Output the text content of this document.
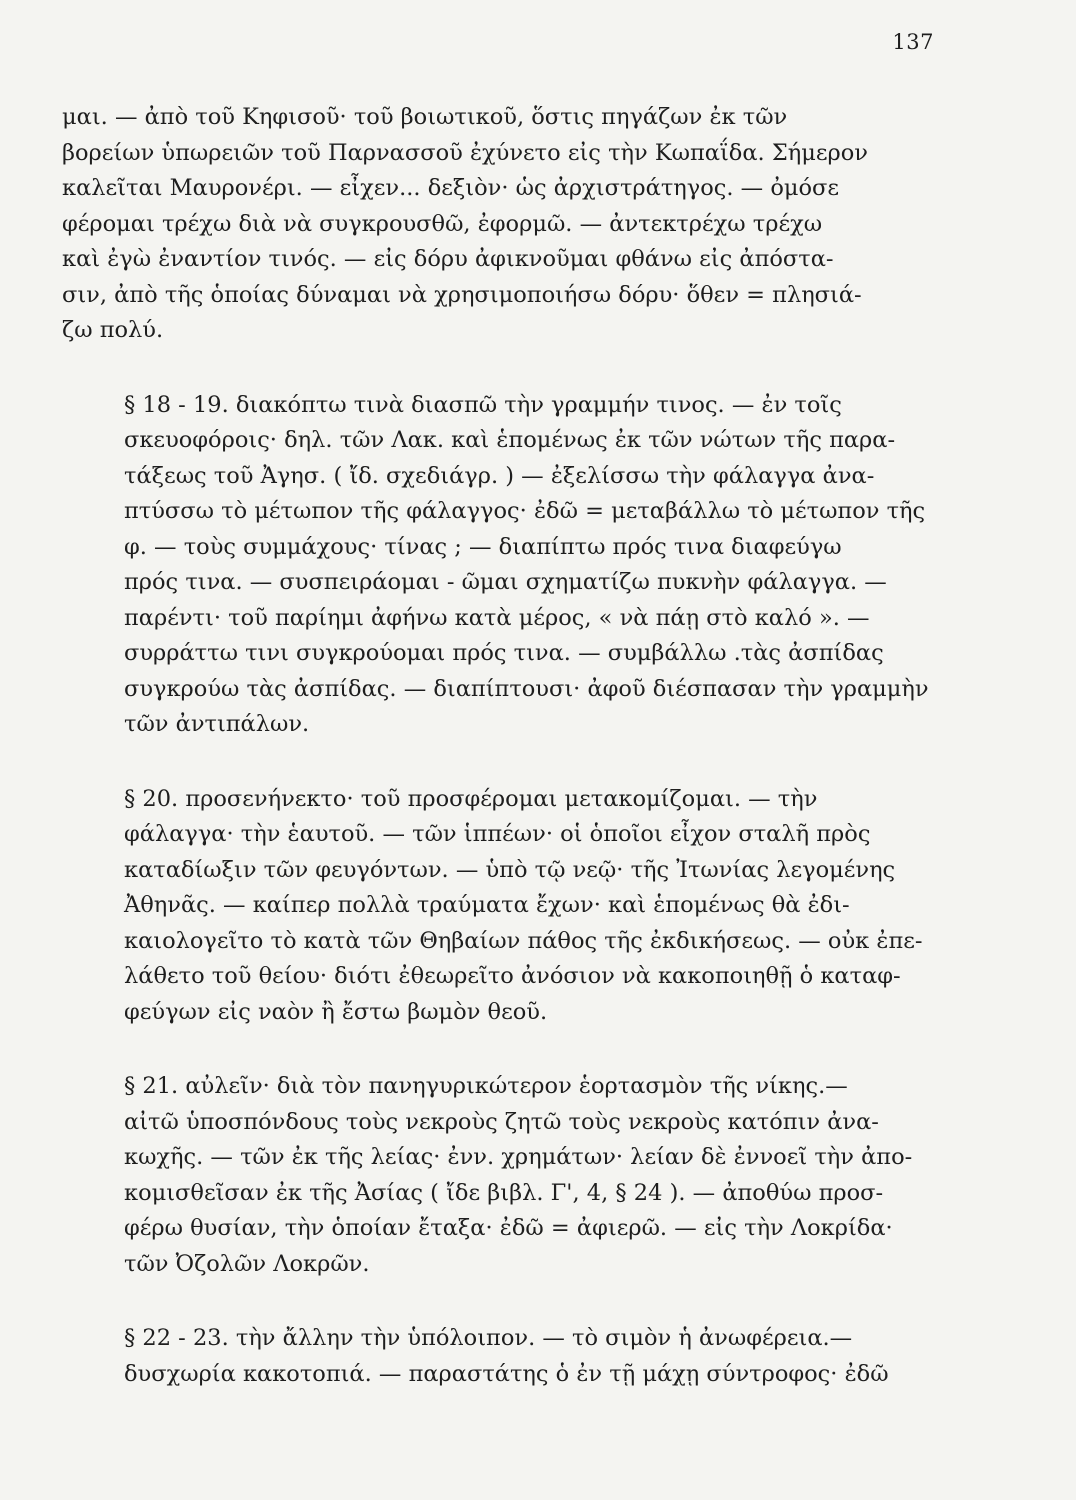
137

μαι. — ἀπὸ τοῦ Κηφισοῦ· τοῦ βοιωτικοῦ, ὅστις πηγάζων ἐκ τῶν
βορείων ὑπωρειῶν τοῦ Παρνασσοῦ ἐχύνετο εἰς τὴν Κωπαΐδα. Σήμερον
καλεῖται Μαυρονέρι. — εἶχεν... δεξιὸν· ὡς ἀρχιστράτηγος. — ὀμόσε
φέρομαι τρέχω διὰ νὰ συγκρουσθῶ, ἐφορμῶ. — ἀντεκτρέχω τρέχω
καὶ ἐγὼ ἐναντίον τινός. — εἰς δόρυ ἀφικνοῦμαι φθάνω εἰς ἀπόστα-
σιν, ἀπὸ τῆς ὁποίας δύναμαι νὰ χρησιμοποιήσω δόρυ· ὅθεν = πλησιά-
ζω πολύ.

§ 18 - 19. διακόπτω τινὰ διασπῶ τὴν γραμμήν τινος. — ἐν τοῖς
σκευοφόροις· δηλ. τῶν Λακ. καὶ ἑπομένως ἐκ τῶν νώτων τῆς παρα-
τάξεως τοῦ Ἀγησ. ( ἴδ. σχεδιάγρ. ) — ἐξελίσσω τὴν φάλαγγα ἀνα-
πτύσσω τὸ μέτωπον τῆς φάλαγγος· ἐδῶ = μεταβάλλω τὸ μέτωπον τῆς
φ. — τοὺς συμμάχους· τίνας ; — διαπίπτω πρός τινα διαφεύγω
πρός τινα. — συσπειράομαι - ῶμαι σχηματίζω πυκνὴν φάλαγγα. —
παρέντι· τοῦ παρίημι ἀφήνω κατὰ μέρος, « νὰ πάῃ στὸ καλό ». —
συρράττω τινι συγκρούομαι πρός τινα. — συμβάλλω .τὰς ἀσπίδας
συγκρούω τὰς ἀσπίδας. — διαπίπτουσι· ἀφοῦ διέσπασαν τὴν γραμμὴν
τῶν ἀντιπάλων.

§ 20. προσενήνεκτο· τοῦ προσφέρομαι μετακομίζομαι. — τὴν
φάλαγγα· τὴν ἑαυτοῦ. — τῶν ἱππέων· οἱ ὁποῖοι εἶχον σταλῆ πρὸς
καταδίωξιν τῶν φευγόντων. — ὑπὸ τῷ νεῷ· τῆς Ἰτωνίας λεγομένης
Ἀθηνᾶς. — καίπερ πολλὰ τραύματα ἔχων· καὶ ἑπομένως θὰ ἐδι-
καιολογεῖτο τὸ κατὰ τῶν Θηβαίων πάθος τῆς ἐκδικήσεως. — οὐκ ἐπε-
λάθετο τοῦ θείου· διότι ἐθεωρεῖτο ἀνόσιον νὰ κακοποιηθῇ ὁ καταφ-
φεύγων εἰς ναὸν ἢ ἔστω βωμὸν θεοῦ.

§ 21. αὐλεῖν· διὰ τὸν πανηγυρικώτερον ἑορτασμὸν τῆς νίκης.—
αἰτῶ ὑποσπόνδους τοὺς νεκροὺς ζητῶ τοὺς νεκροὺς κατόπιν ἀνα-
κωχῆς. — τῶν ἐκ τῆς λείας· ἐνν. χρημάτων· λείαν δὲ ἐννοεῖ τὴν ἀπο-
κομισθεῖσαν ἐκ τῆς Ἀσίας ( ἴδε βιβλ. Γ', 4, § 24 ). — ἀποθύω προσ-
φέρω θυσίαν, τὴν ὁποίαν ἔταξα· ἐδῶ = ἀφιερῶ. — εἰς τὴν Λοκρίδα·
τῶν Ὀζολῶν Λοκρῶν.

§ 22 - 23. τὴν ἄλλην τὴν ὑπόλοιπον. — τὸ σιμὸν ἡ ἀνωφέρεια.—
δυσχωρία κακοτοπιά. — παραστάτης ὁ ἐν τῇ μάχῃ σύντροφος· ἐδῶ
